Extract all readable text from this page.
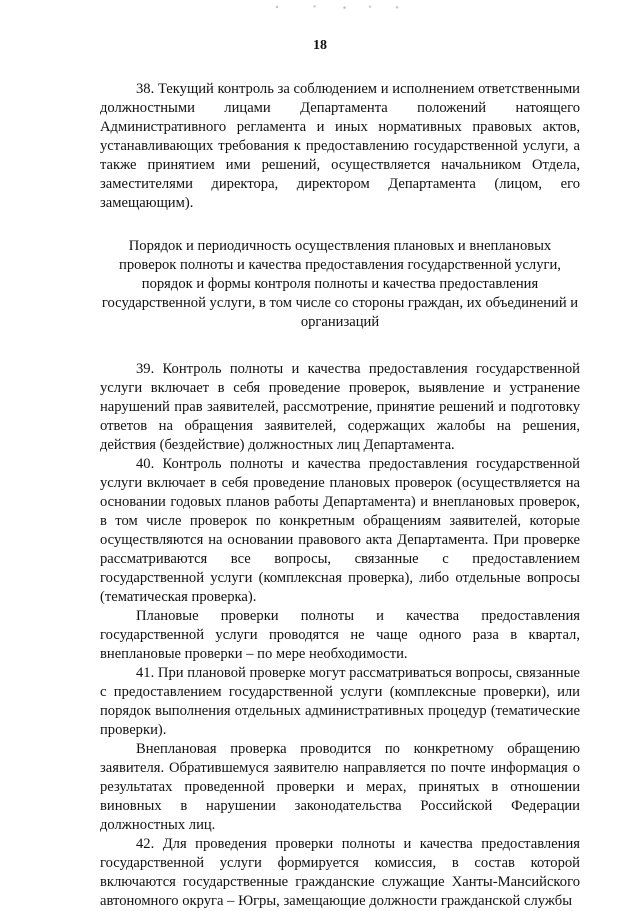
18

38. Текущий контроль за соблюдением и исполнением ответственными должностными лицами Департамента положений натоящего Административного регламента и иных нормативных правовых актов, устанавливающих требования к предоставлению государственной услуги, а также принятием ими решений, осуществляется начальником Отдела, заместителями директора, директором Департамента (лицом, его замещающим).

Порядок и периодичность осуществления плановых и внеплановых проверок полноты и качества предоставления государственной услуги, порядок и формы контроля полноты и качества предоставления государственной услуги, в том числе со стороны граждан, их объединений и организаций

39. Контроль полноты и качества предоставления государственной услуги включает в себя проведение проверок, выявление и устранение нарушений прав заявителей, рассмотрение, принятие решений и подготовку ответов на обращения заявителей, содержащих жалобы на решения, действия (бездействие) должностных лиц Департамента.

40. Контроль полноты и качества предоставления государственной услуги включает в себя проведение плановых проверок (осуществляется на основании годовых планов работы Департамента) и внеплановых проверок, в том числе проверок по конкретным обращениям заявителей, которые осуществляются на основании правового акта Департамента. При проверке рассматриваются все вопросы, связанные с предоставлением государственной услуги (комплексная проверка), либо отдельные вопросы (тематическая проверка).

Плановые проверки полноты и качества предоставления государственной услуги проводятся не чаще одного раза в квартал, внеплановые проверки – по мере необходимости.

41. При плановой проверке могут рассматриваться вопросы, связанные с предоставлением государственной услуги (комплексные проверки), или порядок выполнения отдельных административных процедур (тематические проверки).

Внеплановая проверка проводится по конкретному обращению заявителя. Обратившемуся заявителю направляется по почте информация о результатах проведенной проверки и мерах, принятых в отношении виновных в нарушении законодательства Российской Федерации должностных лиц.

42. Для проведения проверки полноты и качества предоставления государственной услуги формируется комиссия, в состав которой включаются государственные гражданские служащие Ханты-Мансийского автономного округа – Югры, замещающие должности гражданской службы
